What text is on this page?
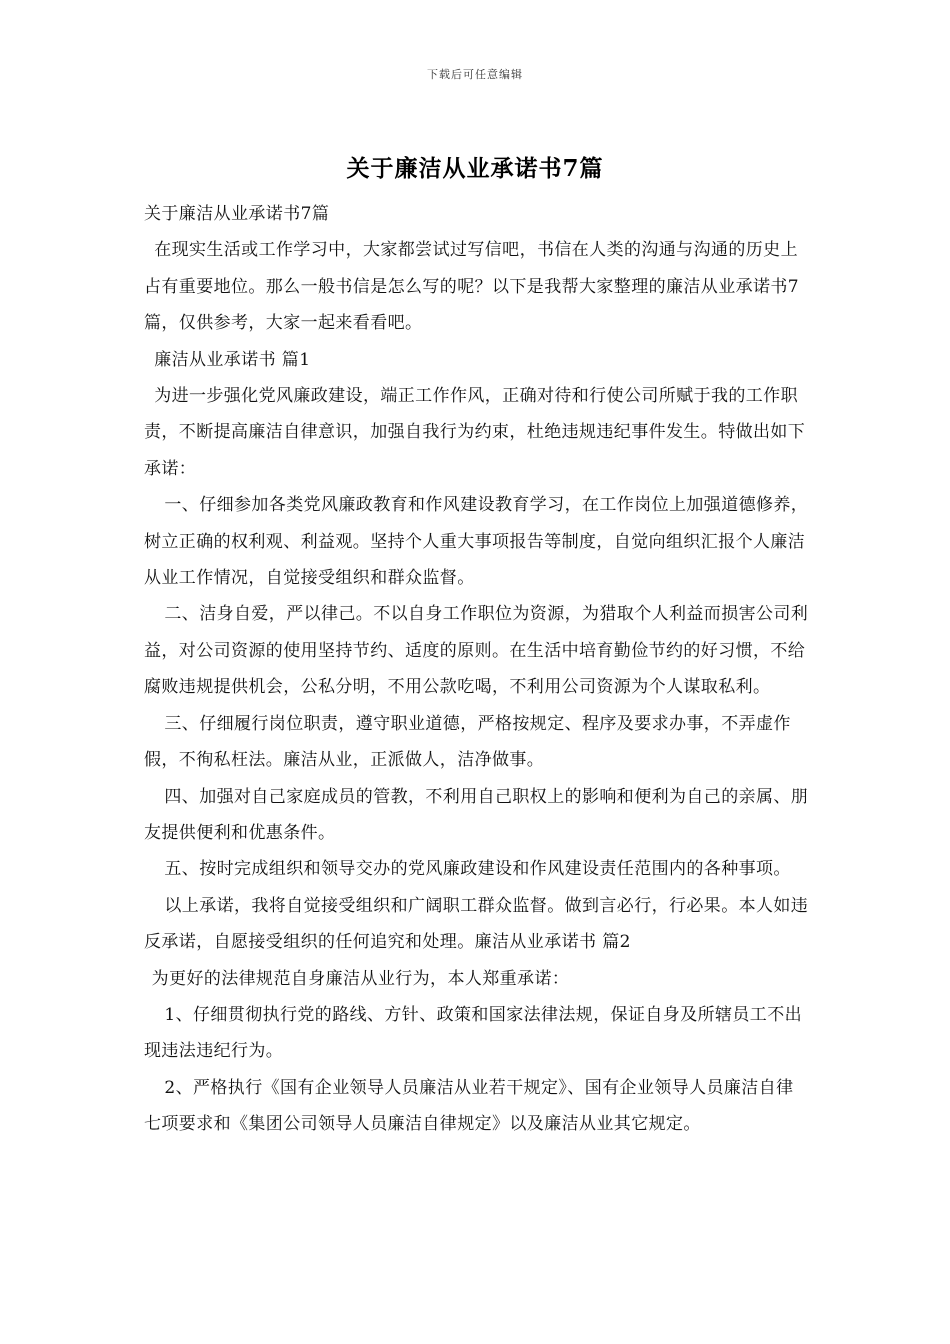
下载后可任意编辑
关于廉洁从业承诺书7篇

关于廉洁从业承诺书7篇

在现实生活或工作学习中，大家都尝试过写信吧，书信在人类的沟通与沟通的历史上占有重要地位。那么一般书信是怎么写的呢？以下是我帮大家整理的廉洁从业承诺书7篇，仅供参考，大家一起来看看吧。

廉洁从业承诺书 篇1

为进一步强化党风廉政建设，端正工作作风，正确对待和行使公司所赋于我的工作职责，不断提高廉洁自律意识，加强自我行为约束，杜绝违规违纪事件发生。特做出如下承诺：

一、仔细参加各类党风廉政教育和作风建设教育学习，在工作岗位上加强道德修养，树立正确的权利观、利益观。坚持个人重大事项报告等制度，自觉向组织汇报个人廉洁从业工作情况，自觉接受组织和群众监督。

二、洁身自爱，严以律己。不以自身工作职位为资源，为猎取个人利益而损害公司利益，对公司资源的使用坚持节约、适度的原则。在生活中培育勤俭节约的好习惯，不给腐败违规提供机会，公私分明，不用公款吃喝，不利用公司资源为个人谋取私利。

三、仔细履行岗位职责，遵守职业道德，严格按规定、程序及要求办事，不弄虚作假，不徇私枉法。廉洁从业，正派做人，洁净做事。

四、加强对自己家庭成员的管教，不利用自己职权上的影响和便利为自己的亲属、朋友提供便利和优惠条件。

五、按时完成组织和领导交办的党风廉政建设和作风建设责任范围内的各种事项。

以上承诺，我将自觉接受组织和广阔职工群众监督。做到言必行，行必果。本人如违反承诺，自愿接受组织的任何追究和处理。廉洁从业承诺书 篇2

为更好的法律规范自身廉洁从业行为，本人郑重承诺：

1、仔细贯彻执行党的路线、方针、政策和国家法律法规，保证自身及所辖员工不出现违法违纪行为。

2、严格执行《国有企业领导人员廉洁从业若干规定》、国有企业领导人员廉洁自律七项要求和《集团公司领导人员廉洁自律规定》以及廉洁从业其它规定。
